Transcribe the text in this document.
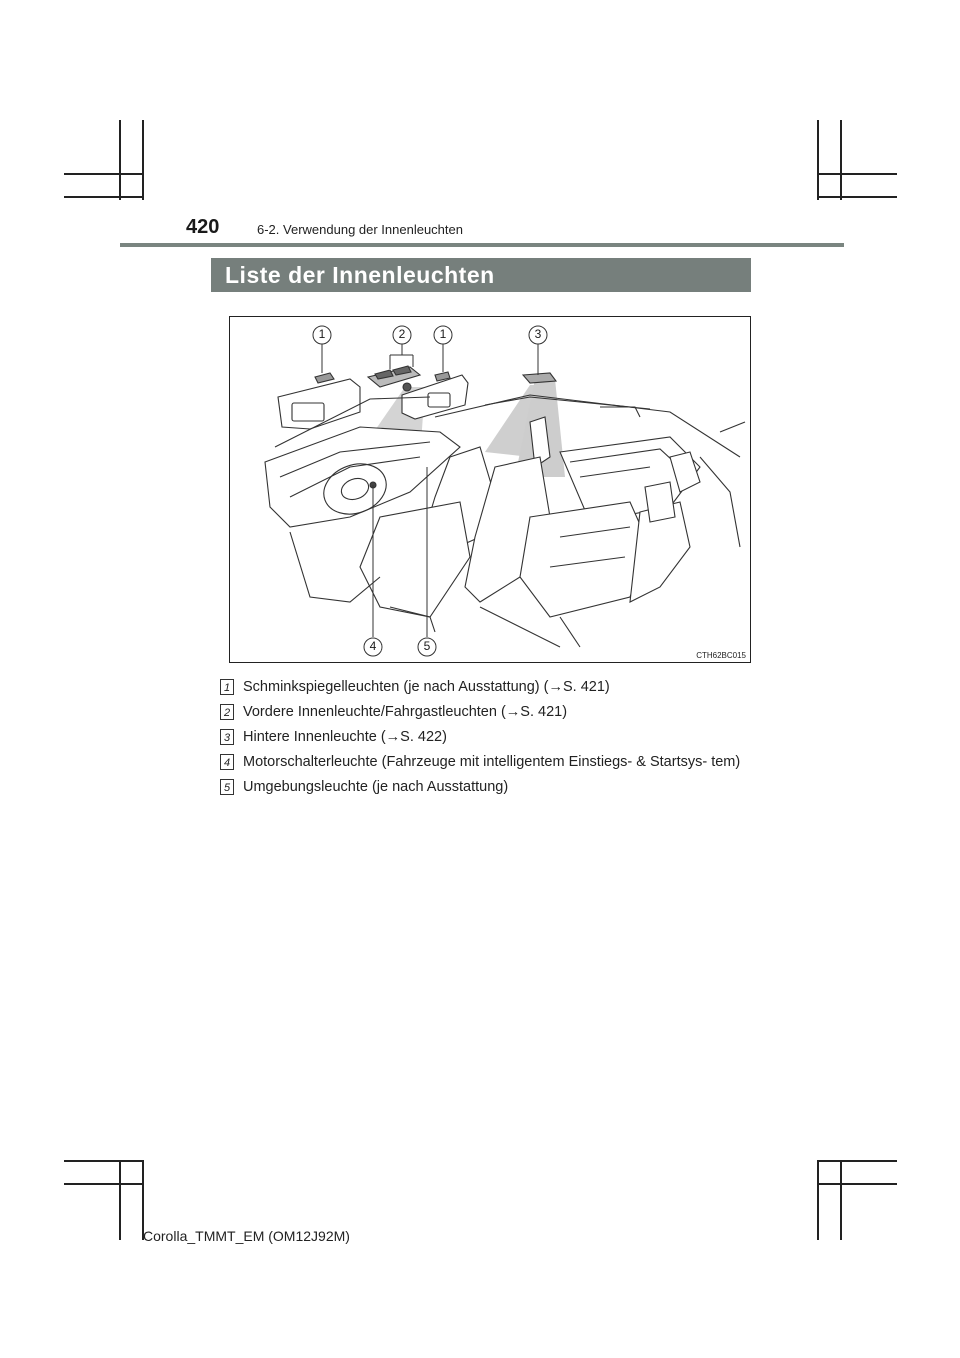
420	6-2. Verwendung der Innenleuchten
Liste der Innenleuchten
1	2	1	3
4	5
CTH62BC015
1 Schminkspiegelleuchten (je nach Ausstattung) (→S. 421)
2 Vordere Innenleuchte/Fahrgastleuchten (→S. 421)
3 Hintere Innenleuchte (→S. 422)
4 Motorschalterleuchte (Fahrzeuge mit intelligentem Einstiegs- & Startsys- tem)
5 Umgebungsleuchte (je nach Ausstattung)
Corolla_TMMT_EM (OM12J92M)
